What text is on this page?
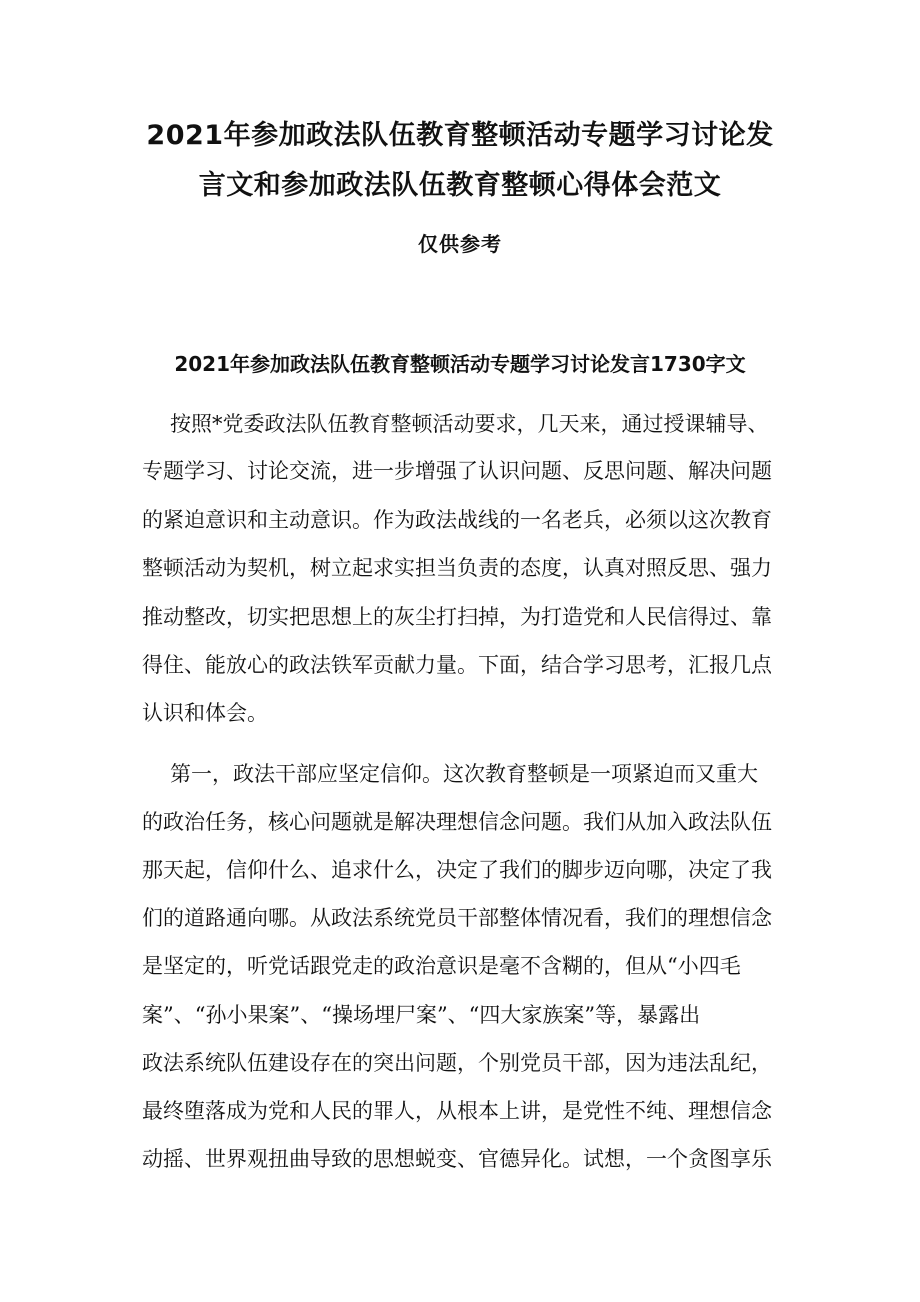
2021年参加政法队伍教育整顿活动专题学习讨论发
言文和参加政法队伍教育整顿心得体会范文
仅供参考
2021年参加政法队伍教育整顿活动专题学习讨论发言1730字文
按照*党委政法队伍教育整顿活动要求，几天来，通过授课辅导、
专题学习、讨论交流，进一步增强了认识问题、反思问题、解决问题
的紧迫意识和主动意识。作为政法战线的一名老兵，必须以这次教育
整顿活动为契机，树立起求实担当负责的态度，认真对照反思、强力
推动整改，切实把思想上的灰尘打扫掉，为打造党和人民信得过、靠
得住、能放心的政法铁军贡献力量。下面，结合学习思考，汇报几点
认识和体会。
第一，政法干部应坚定信仰。这次教育整顿是一项紧迫而又重大
的政治任务，核心问题就是解决理想信念问题。我们从加入政法队伍
那天起，信仰什么、追求什么，决定了我们的脚步迈向哪，决定了我
们的道路通向哪。从政法系统党员干部整体情况看，我们的理想信念
是坚定的，听党话跟党走的政治意识是毫不含糊的，但从“小四毛
案”、“孙小果案”、“操场埋尸案”、“四大家族案”等，暴露出
政法系统队伍建设存在的突出问题，个别党员干部，因为违法乱纪，
最终堕落成为党和人民的罪人，从根本上讲，是党性不纯、理想信念
动摇、世界观扭曲导致的思想蜕变、官德异化。试想，一个贪图享乐
